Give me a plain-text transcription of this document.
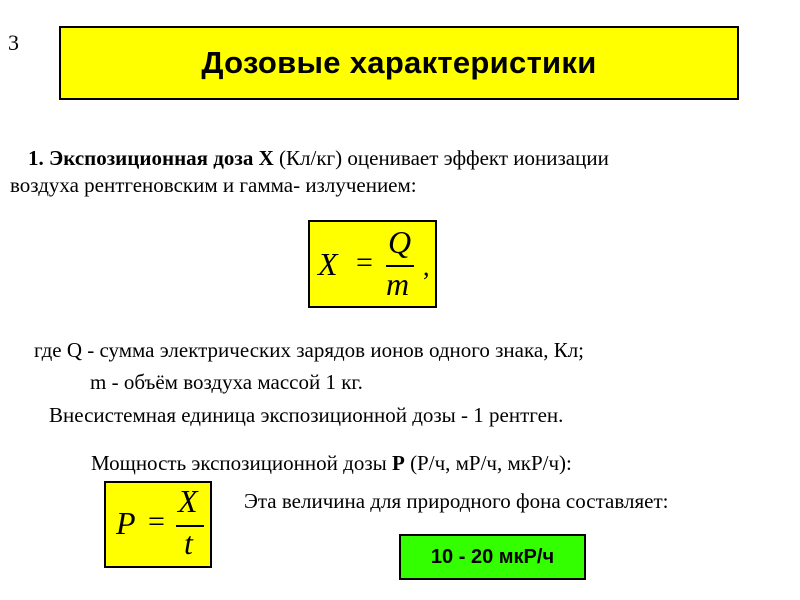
3
Дозовые характеристики
1. Экспозиционная доза X (Кл/кг) оценивает эффект ионизации
воздуха рентгеновским и гамма- излучением:
X =
Q
m ,
где Q - сумма электрических зарядов ионов одного знака, Кл;
m - объём воздуха массой 1 кг.
Внесистемная единица экспозиционной дозы - 1 рентген.
Мощность экспозиционной дозы Р (Р/ч, мР/ч, мкР/ч):
P =
X
t
Эта величина для природного фона составляет:
10 - 20 мкР/ч
